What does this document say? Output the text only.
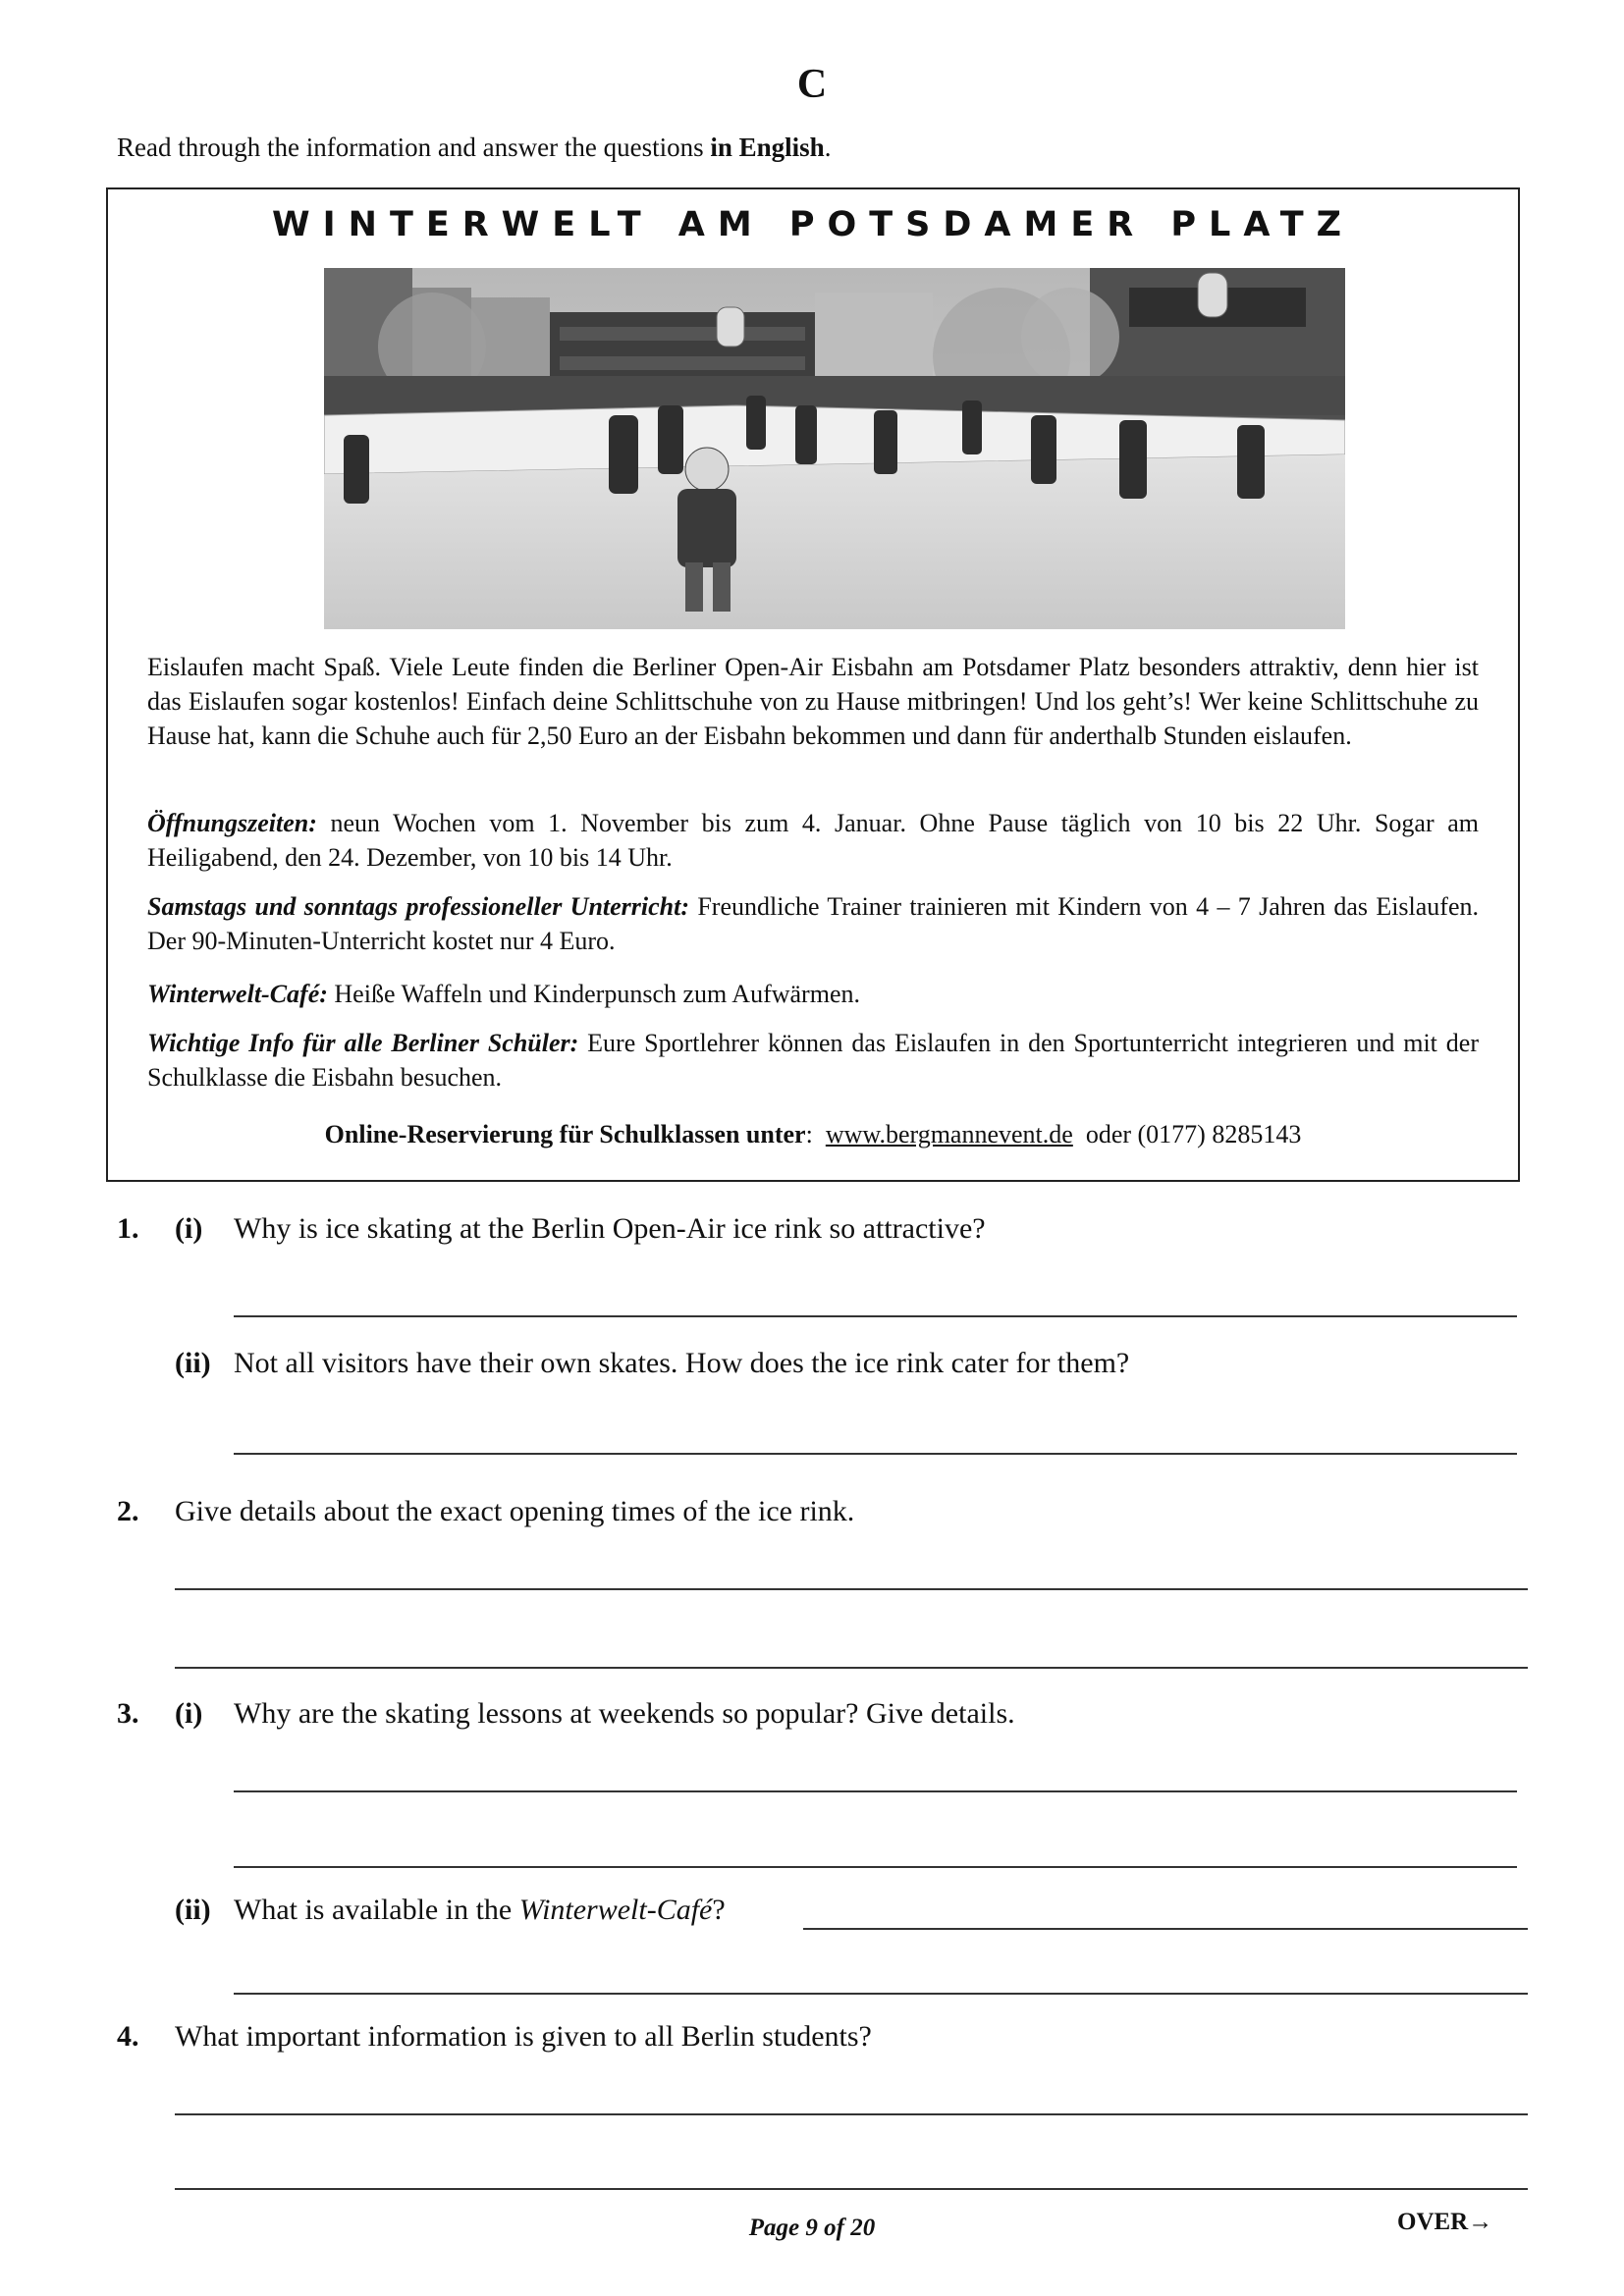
C
Read through the information and answer the questions in English.
WINTERWELT AM POTSDAMER PLATZ
Eislaufen macht Spaß. Viele Leute finden die Berliner Open-Air Eisbahn am Potsdamer Platz besonders attraktiv, denn hier ist das Eislaufen sogar kostenlos! Einfach deine Schlittschuhe von zu Hause mitbringen! Und los geht’s! Wer keine Schlittschuhe zu Hause hat, kann die Schuhe auch für 2,50 Euro an der Eisbahn bekommen und dann für anderthalb Stunden eislaufen.
Öffnungszeiten: neun Wochen vom 1. November bis zum 4. Januar. Ohne Pause täglich von 10 bis 22 Uhr. Sogar am Heiligabend, den 24. Dezember, von 10 bis 14 Uhr.
Samstags und sonntags professioneller Unterricht: Freundliche Trainer trainieren mit Kindern von 4 – 7 Jahren das Eislaufen. Der 90-Minuten-Unterricht kostet nur 4 Euro.
Winterwelt-Café: Heiße Waffeln und Kinderpunsch zum Aufwärmen.
Wichtige Info für alle Berliner Schüler: Eure Sportlehrer können das Eislaufen in den Sportunterricht integrieren und mit der Schulklasse die Eisbahn besuchen.
Online-Reservierung für Schulklassen unter: www.bergmannevent.de oder (0177) 8285143
1. (i) Why is ice skating at the Berlin Open-Air ice rink so attractive?
(ii) Not all visitors have their own skates. How does the ice rink cater for them?
2. Give details about the exact opening times of the ice rink.
3. (i) Why are the skating lessons at weekends so popular? Give details.
(ii) What is available in the Winterwelt-Café?
4. What important information is given to all Berlin students?
Page 9 of 20	OVER→
